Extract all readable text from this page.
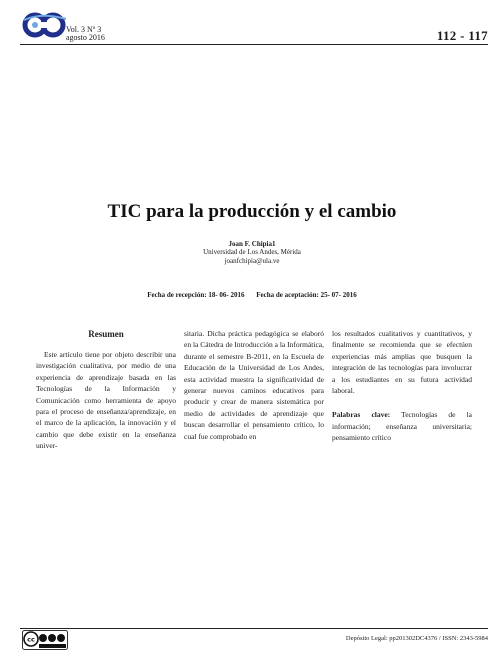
Vol. 3 Nº 3
agosto 2016	112 - 117
TIC para la producción y el cambio
Joan F. Chipia1
Universidad de Los Andes, Mérida
joanfchipia@ula.ve
Fecha de recepción: 18- 06- 2016 Fecha de aceptación: 25- 07- 2016
Resumen

Este artículo tiene por objeto describir una investigación cualitativa, por medio de una experiencia de aprendizaje basada en las Tecnologías de la Información y Comunicación como herramienta de apoyo para el proceso de enseñanza/aprendizaje, en el marco de la aplicación, la innovación y el cambio que debe existir en la enseñanza univer-

sitaria. Dicha práctica pedagógica se elaboró en la Cátedra de Introducción a la Informática, durante el semestre B-2011, en la Escuela de Educación de la Universidad de Los Andes, esta actividad muestra la significatividad de generar nuevos caminos educativos para producir y crear de manera sistemática por medio de actividades de aprendizaje que buscan desarrollar el pensamiento crítico, lo cual fue comprobado en

los resultados cualitativos y cuantitativos, y finalmente se recomienda que se efectúen experiencias más amplias que busquen la integración de las tecnologías para involucrar a los estudiantes en su futura actividad laboral.

Palabras clave: Tecnologías de la información; enseñanza universitaria; pensamiento crítico

cc	Depósito Legal: pp201302DC4376 / ISSN: 2343-5984
